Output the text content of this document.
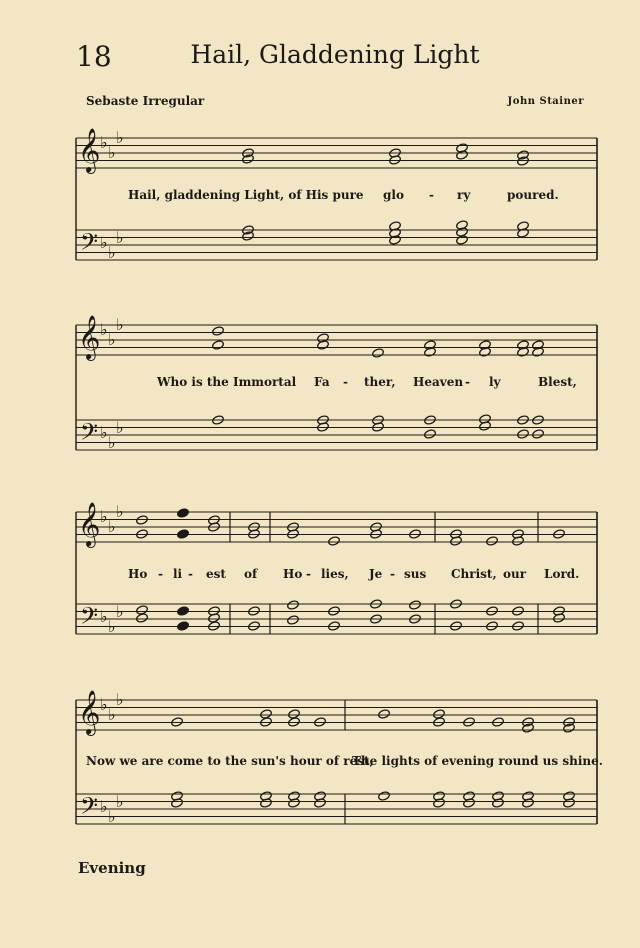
18	Hail, Gladdening Light
Sebaste Irregular	John Stainer
𝄞
𝄢
♭
♭
♭
♭
♭
♭
𝄞
𝄢
♭
♭
♭
♭
♭
♭
𝄞
𝄢
♭
♭
♭
♭
♭
♭
𝄞
𝄢
♭
♭
♭
♭
♭
♭
Hail, gladdening Light, of His pure glo - ry	poured.
Who is the Immortal Fa - ther, Heaven - ly	Blest,
Ho - li - est of Ho - lies, Je - sus Christ, our Lord.
Now we are come to the sun's hour of rest,
The lights of evening round us shine.
Evening
